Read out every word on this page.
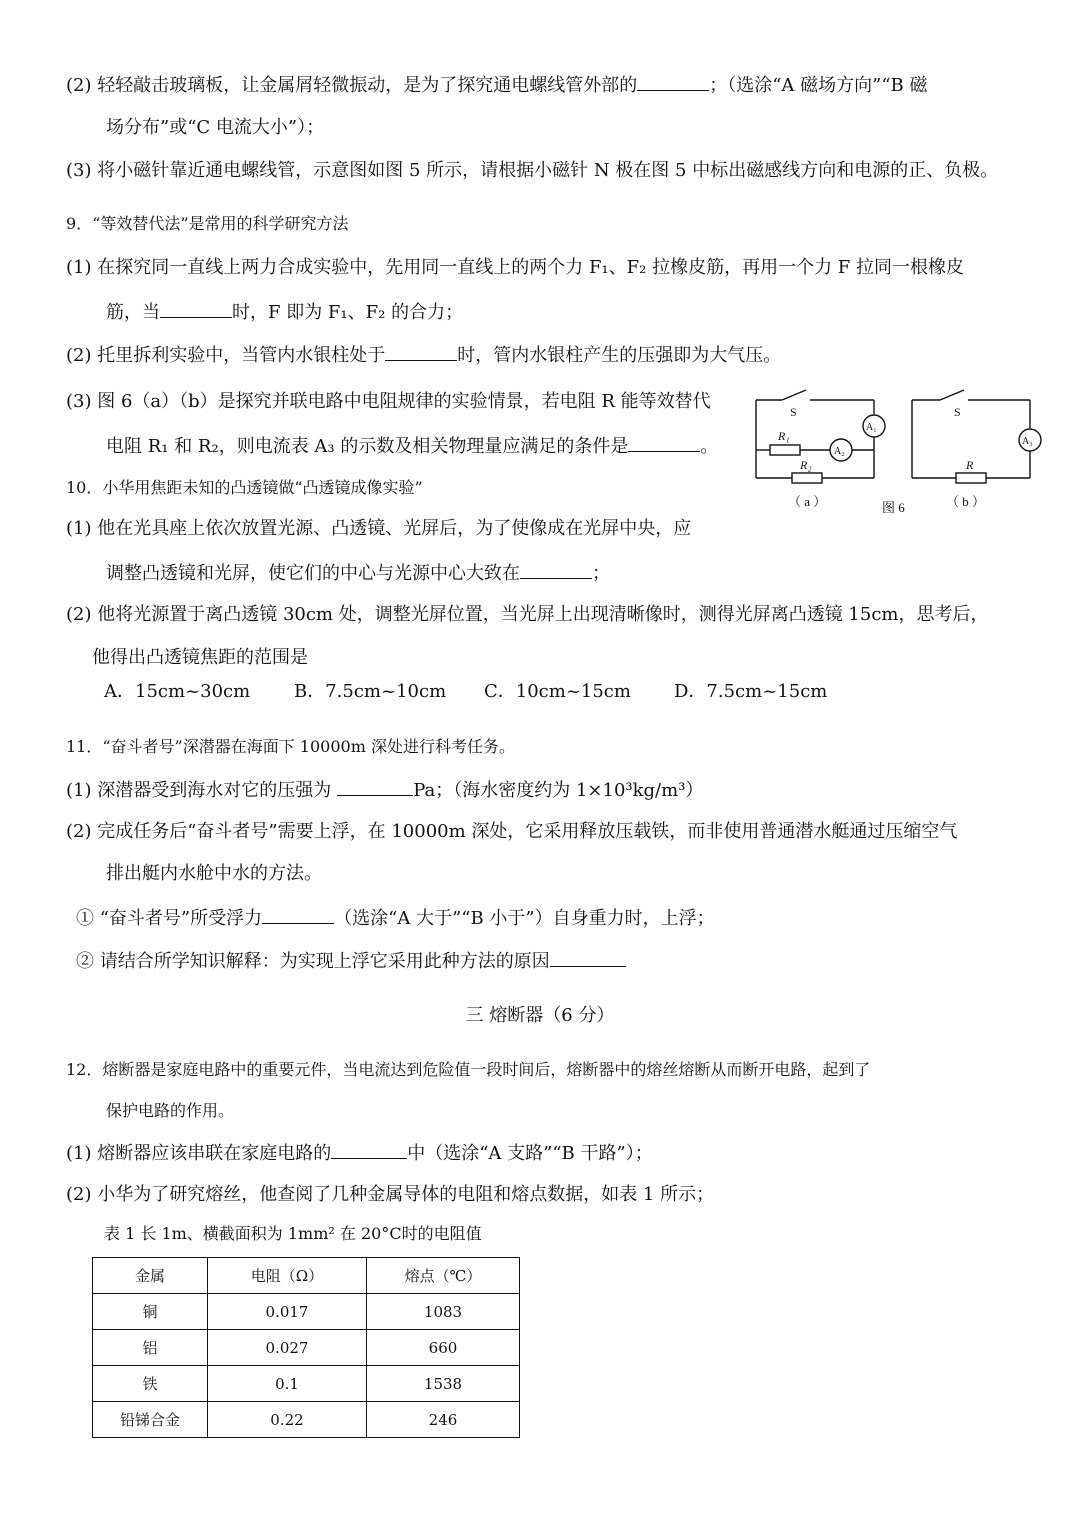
(2) 轻轻敲击玻璃板，让金属屑轻微振动，是为了探究通电螺线管外部的	；（选涂“A 磁场方向”“B 磁
场分布”或“C 电流大小”）；
(3) 将小磁针靠近通电螺线管，示意图如图 5 所示，请根据小磁针 N 极在图 5 中标出磁感线方向和电源的正、负极。
9．“等效替代法”是常用的科学研究方法
(1) 在探究同一直线上两力合成实验中，先用同一直线上的两个力 F₁、F₂ 拉橡皮筋，再用一个力 F 拉同一根橡皮
筋，当	时，F 即为 F₁、F₂ 的合力；
(2) 托里拆利实验中，当管内水银柱处于	时，管内水银柱产生的压强即为大气压。
(3) 图 6（a）（b）是探究并联电路中电阻规律的实验情景，若电阻 R 能等效替代
电阻 R₁ 和 R₂，则电流表 A₃ 的示数及相关物理量应满足的条件是	。
S
R₁
A₁
A₂
R₂
S
A₃
R
（ a ）	图 6	（ b ）
10．小华用焦距未知的凸透镜做“凸透镜成像实验”
(1) 他在光具座上依次放置光源、凸透镜、光屏后，为了使像成在光屏中央，应
调整凸透镜和光屏，使它们的中心与光源中心大致在	；
(2) 他将光源置于离凸透镜 30cm 处，调整光屏位置，当光屏上出现清晰像时，测得光屏离凸透镜 15cm，思考后，
他得出凸透镜焦距的范围是
A．15cm~30cm B．7.5cm~10cm C．10cm~15cm D．7.5cm~15cm
11．“奋斗者号”深潜器在海面下 10000m 深处进行科考任务。
(1) 深潜器受到海水对它的压强为	Pa；（海水密度约为 1×10³kg/m³）
(2) 完成任务后“奋斗者号”需要上浮，在 10000m 深处，它采用释放压载铁，而非使用普通潜水艇通过压缩空气
排出艇内水舱中水的方法。
① “奋斗者号”所受浮力	（选涂“A 大于”“B 小于”）自身重力时，上浮；
② 请结合所学知识解释：为实现上浮它采用此种方法的原因
三 熔断器（6 分）
12．熔断器是家庭电路中的重要元件，当电流达到危险值一段时间后，熔断器中的熔丝熔断从而断开电路，起到了
保护电路的作用。
(1) 熔断器应该串联在家庭电路的	中（选涂“A 支路”“B 干路”）；
(2) 小华为了研究熔丝，他查阅了几种金属导体的电阻和熔点数据，如表 1 所示；
表 1 长 1m、横截面积为 1mm² 在 20°C时的电阻值
金属	电阻（Ω）	熔点（℃）
铜	0.017	1083
铝	0.027	660
铁	0.1	1538
铅锑合金	0.22	246
